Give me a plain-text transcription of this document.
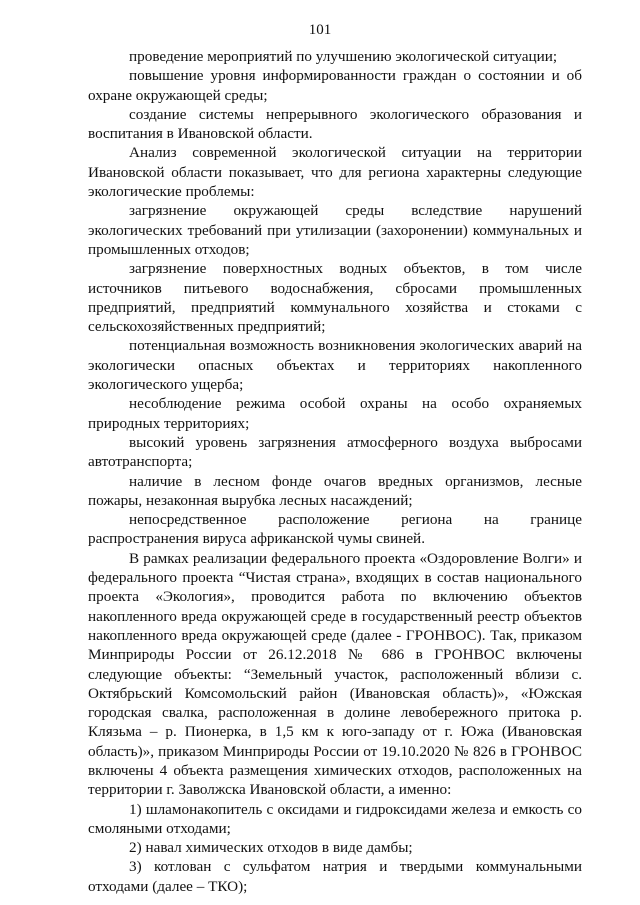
101

проведение мероприятий по улучшению экологической ситуации;

повышение уровня информированности граждан о состоянии и об охране окружающей среды;

создание системы непрерывного экологического образования и воспитания в Ивановской области.

Анализ современной экологической ситуации на территории Ивановской области показывает, что для региона характерны следующие экологические проблемы:

загрязнение окружающей среды вследствие нарушений экологических требований при утилизации (захоронении) коммунальных и промышленных отходов;

загрязнение поверхностных водных объектов, в том числе источников питьевого водоснабжения, сбросами промышленных предприятий, предприятий коммунального хозяйства и стоками с сельскохозяйственных предприятий;

потенциальная возможность возникновения экологических аварий на экологически опасных объектах и территориях накопленного экологического ущерба;

несоблюдение режима особой охраны на особо охраняемых природных территориях;

высокий уровень загрязнения атмосферного воздуха выбросами автотранспорта;

наличие в лесном фонде очагов вредных организмов, лесные пожары, незаконная вырубка лесных насаждений;

непосредственное расположение региона на границе распространения вируса африканской чумы свиней.

В рамках реализации федерального проекта «Оздоровление Волги» и федерального проекта “Чистая страна», входящих в состав национального проекта «Экология», проводится работа по включению объектов накопленного вреда окружающей среде в государственный реестр объектов накопленного вреда окружающей среде (далее - ГРОНВОС). Так, приказом Минприроды России от 26.12.2018 № 686 в ГРОНВОС включены следующие объекты: “Земельный участок, расположенный вблизи с. Октябрьский Комсомольский район (Ивановская область)», «Южская городская свалка, расположенная в долине левобережного притока р. Клязьма – р. Пионерка, в 1,5 км к юго-западу от г. Южа (Ивановская область)», приказом Минприроды России от 19.10.2020 № 826 в ГРОНВОС включены 4 объекта размещения химических отходов, расположенных на территории г. Заволжска Ивановской области, а именно:

1) шламонакопитель с оксидами и гидроксидами железа и емкость со смоляными отходами;

2) навал химических отходов в виде дамбы;

3) котлован с сульфатом натрия и твердыми коммунальными отходами (далее – ТКО);
